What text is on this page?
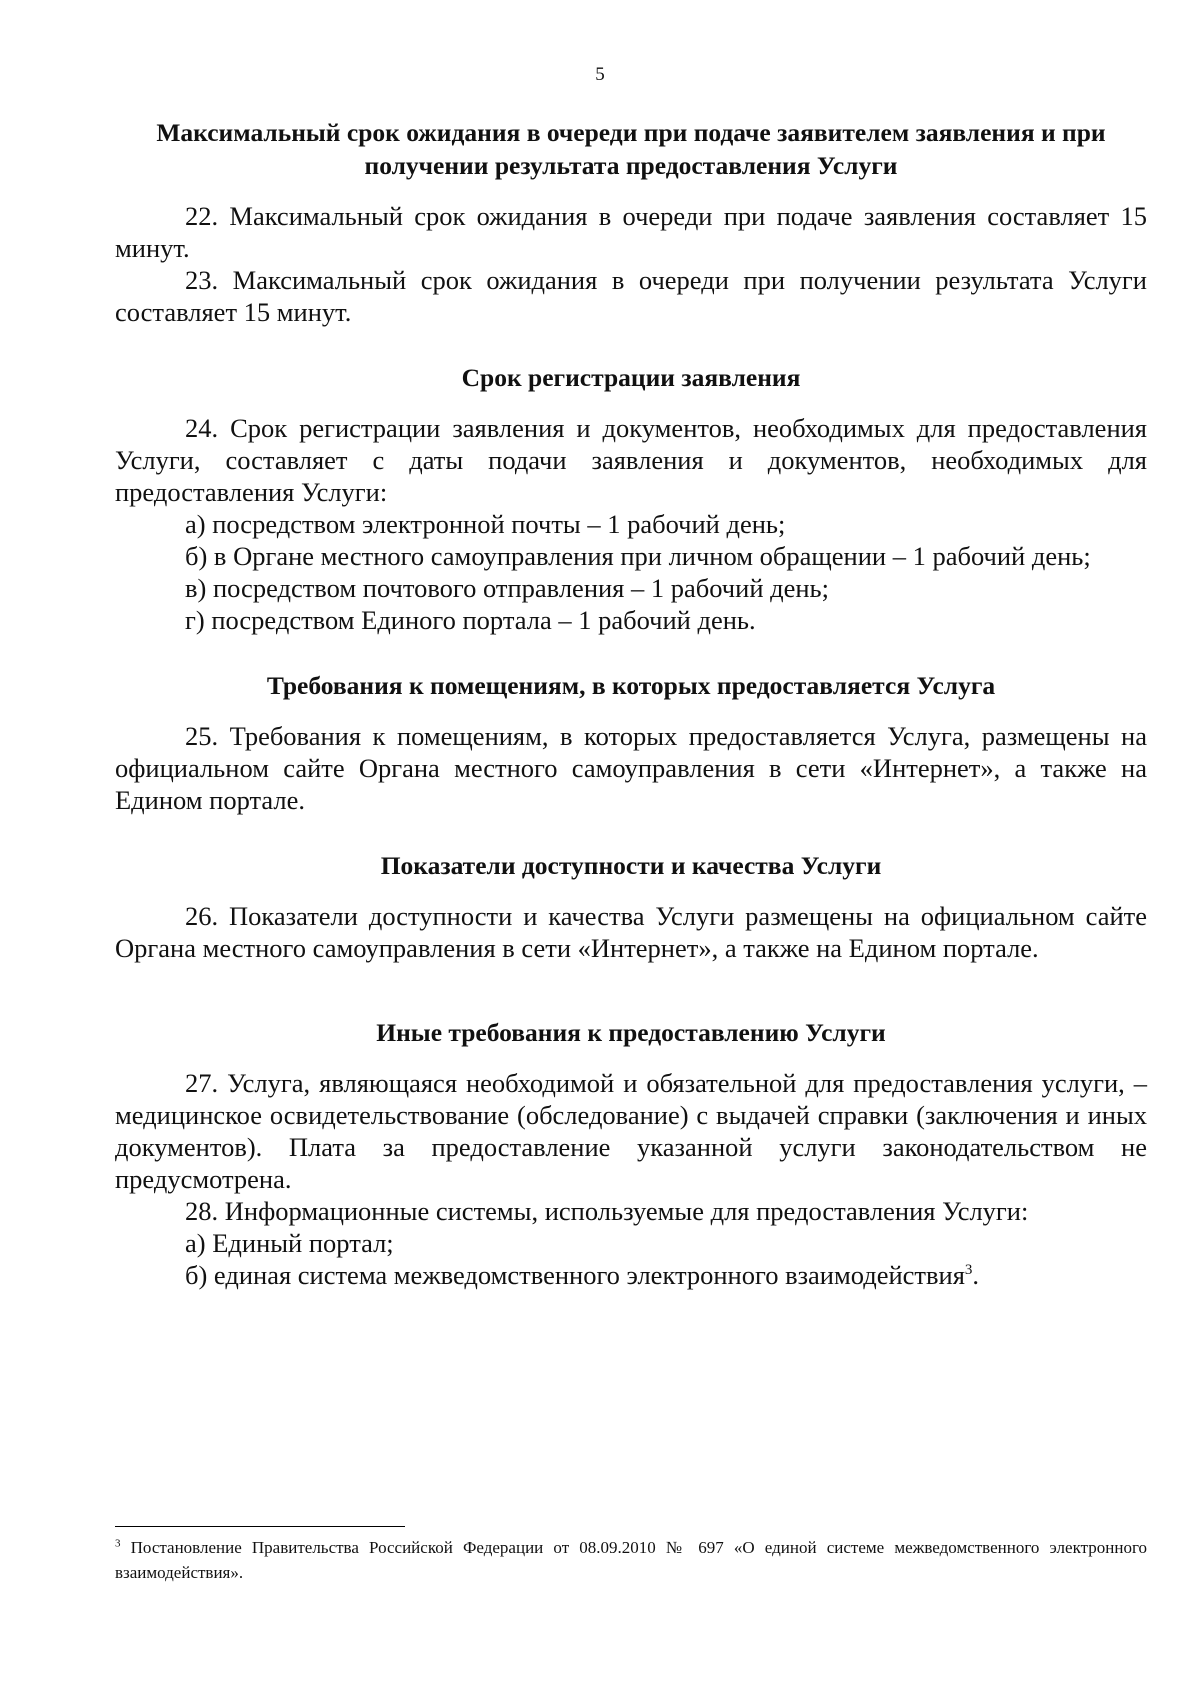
5
Максимальный срок ожидания в очереди при подаче заявителем заявления и при получении результата предоставления Услуги

22. Максимальный срок ожидания в очереди при подаче заявления составляет 15 минут.

23. Максимальный срок ожидания в очереди при получении результата Услуги составляет 15 минут.

Срок регистрации заявления

24. Срок регистрации заявления и документов, необходимых для предоставления Услуги, составляет с даты подачи заявления и документов, необходимых для предоставления Услуги:

а) посредством электронной почты – 1 рабочий день;

б) в Органе местного самоуправления при личном обращении – 1 рабочий день;

в) посредством почтового отправления – 1 рабочий день;

г) посредством Единого портала – 1 рабочий день.

Требования к помещениям, в которых предоставляется Услуга

25. Требования к помещениям, в которых предоставляется Услуга, размещены на официальном сайте Органа местного самоуправления в сети «Интернет», а также на Едином портале.

Показатели доступности и качества Услуги

26. Показатели доступности и качества Услуги размещены на официальном сайте Органа местного самоуправления в сети «Интернет», а также на Едином портале.

Иные требования к предоставлению Услуги

27. Услуга, являющаяся необходимой и обязательной для предоставления услуги, – медицинское освидетельствование (обследование) с выдачей справки (заключения и иных документов). Плата за предоставление указанной услуги законодательством не предусмотрена.

28. Информационные системы, используемые для предоставления Услуги:

а) Единый портал;

б) единая система межведомственного электронного взаимодействия$^3$.

$^3$ Постановление Правительства Российской Федерации от 08.09.2010 № 697 «О единой системе межведомственного электронного взаимодействия».
